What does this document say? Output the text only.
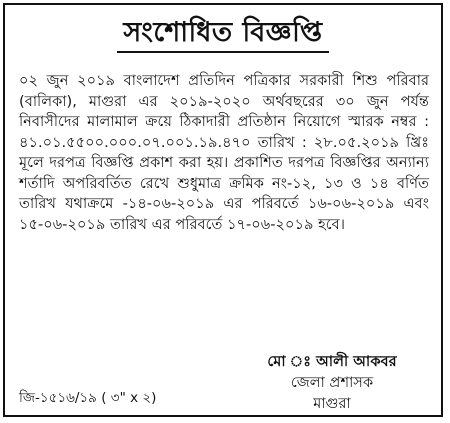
সংশোধিত বিজ্ঞপ্তি

০২ জুন ২০১৯ বাংলাদেশ প্রতিদিন পত্রিকার সরকারী শিশু পরিবার (বালিকা), মাগুরা এর ২০১৯-২০২০ অর্থবছরের ৩০ জুন পর্যন্ত নিবাসীদের মালামাল ক্রয়ে ঠিকাদারী প্রতিষ্ঠান নিয়োগে স্মারক নম্বর : ৪১.০১.৫৫০০.০০০.০৭.০০১.১৯.৪৭০ তারিখ : ২৮.০৫.২০১৯ খ্রিঃ মূলে দরপত্র বিজ্ঞপ্তি প্রকাশ করা হয়। প্রকাশিত দরপত্র বিজ্ঞপ্তির অন্যান্য শর্তাদি অপরিবর্তিত রেখে শুধুমাত্র ক্রমিক নং-১২, ১৩ ও ১৪ বর্ণিত তারিখ যথাক্রমে -১৪-০৬-২০১৯ এর পরিবর্তে ১৬-০৬-২০১৯ এবং ১৫-০৬-২০১৯ তারিখ এর পরিবর্তে ১৭-০৬-২০১৯ হবে।

মো ঃ আলী আকবর
জেলা প্রশাসক
মাগুরা
জি-১৫১৬/১৯ ( ৩" x ২)
